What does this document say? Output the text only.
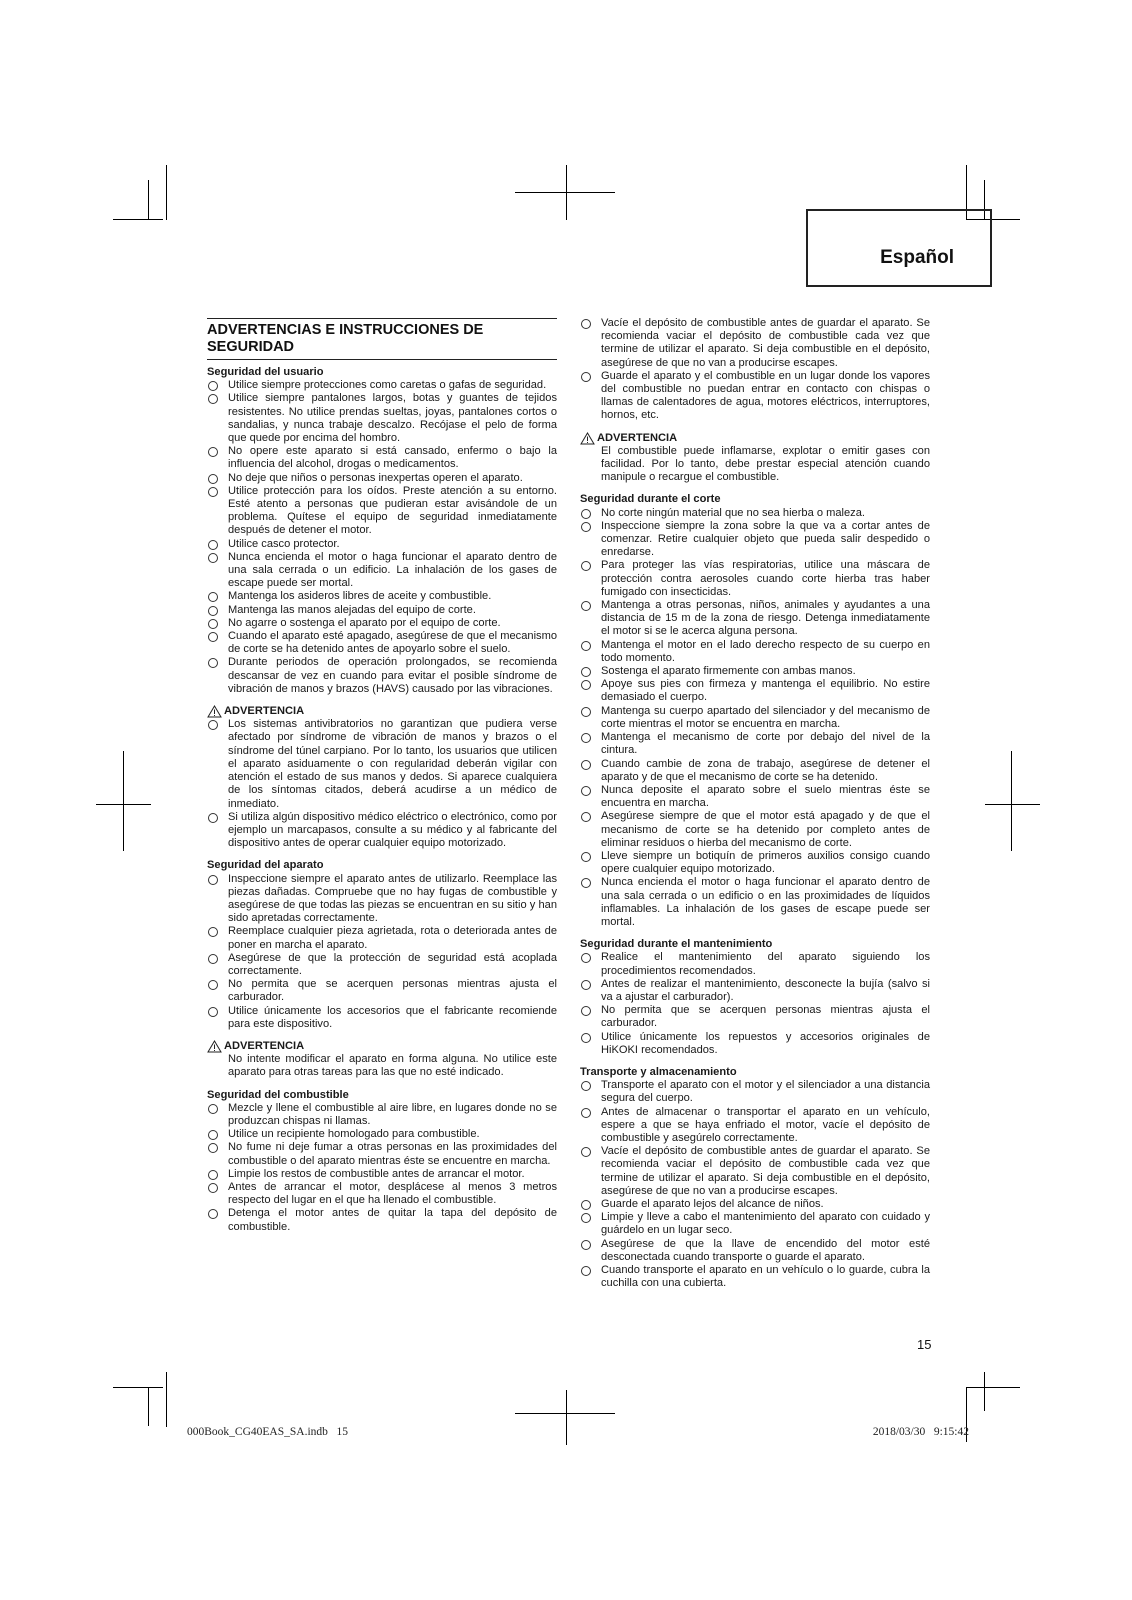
Español
ADVERTENCIAS E INSTRUCCIONES DE SEGURIDAD
Seguridad del usuario
Utilice siempre protecciones como caretas o gafas de seguridad.
Utilice siempre pantalones largos, botas y guantes de tejidos resistentes. No utilice prendas sueltas, joyas, pantalones cortos o sandalias, y nunca trabaje descalzo. Recójase el pelo de forma que quede por encima del hombro.
No opere este aparato si está cansado, enfermo o bajo la influencia del alcohol, drogas o medicamentos.
No deje que niños o personas inexpertas operen el aparato.
Utilice protección para los oídos. Preste atención a su entorno. Esté atento a personas que pudieran estar avisándole de un problema. Quítese el equipo de seguridad inmediatamente después de detener el motor.
Utilice casco protector.
Nunca encienda el motor o haga funcionar el aparato dentro de una sala cerrada o un edificio. La inhalación de los gases de escape puede ser mortal.
Mantenga los asideros libres de aceite y combustible.
Mantenga las manos alejadas del equipo de corte.
No agarre o sostenga el aparato por el equipo de corte.
Cuando el aparato esté apagado, asegúrese de que el mecanismo de corte se ha detenido antes de apoyarlo sobre el suelo.
Durante periodos de operación prolongados, se recomienda descansar de vez en cuando para evitar el posible síndrome de vibración de manos y brazos (HAVS) causado por las vibraciones.
ADVERTENCIA
Los sistemas antivibratorios no garantizan que pudiera verse afectado por síndrome de vibración de manos y brazos o el síndrome del túnel carpiano. Por lo tanto, los usuarios que utilicen el aparato asiduamente o con regularidad deberán vigilar con atención el estado de sus manos y dedos. Si aparece cualquiera de los síntomas citados, deberá acudirse a un médico de inmediato.
Si utiliza algún dispositivo médico eléctrico o electrónico, como por ejemplo un marcapasos, consulte a su médico y al fabricante del dispositivo antes de operar cualquier equipo motorizado.
Seguridad del aparato
Inspeccione siempre el aparato antes de utilizarlo. Reemplace las piezas dañadas. Compruebe que no hay fugas de combustible y asegúrese de que todas las piezas se encuentran en su sitio y han sido apretadas correctamente.
Reemplace cualquier pieza agrietada, rota o deteriorada antes de poner en marcha el aparato.
Asegúrese de que la protección de seguridad está acoplada correctamente.
No permita que se acerquen personas mientras ajusta el carburador.
Utilice únicamente los accesorios que el fabricante recomiende para este dispositivo.
ADVERTENCIA
No intente modificar el aparato en forma alguna. No utilice este aparato para otras tareas para las que no esté indicado.
Seguridad del combustible
Mezcle y llene el combustible al aire libre, en lugares donde no se produzcan chispas ni llamas.
Utilice un recipiente homologado para combustible.
No fume ni deje fumar a otras personas en las proximidades del combustible o del aparato mientras éste se encuentre en marcha.
Limpie los restos de combustible antes de arrancar el motor.
Antes de arrancar el motor, desplácese al menos 3 metros respecto del lugar en el que ha llenado el combustible.
Detenga el motor antes de quitar la tapa del depósito de combustible.
Vacíe el depósito de combustible antes de guardar el aparato. Se recomienda vaciar el depósito de combustible cada vez que termine de utilizar el aparato. Si deja combustible en el depósito, asegúrese de que no van a producirse escapes.
Guarde el aparato y el combustible en un lugar donde los vapores del combustible no puedan entrar en contacto con chispas o llamas de calentadores de agua, motores eléctricos, interruptores, hornos, etc.
ADVERTENCIA
El combustible puede inflamarse, explotar o emitir gases con facilidad. Por lo tanto, debe prestar especial atención cuando manipule o recargue el combustible.
Seguridad durante el corte
No corte ningún material que no sea hierba o maleza.
Inspeccione siempre la zona sobre la que va a cortar antes de comenzar. Retire cualquier objeto que pueda salir despedido o enredarse.
Para proteger las vías respiratorias, utilice una máscara de protección contra aerosoles cuando corte hierba tras haber fumigado con insecticidas.
Mantenga a otras personas, niños, animales y ayudantes a una distancia de 15 m de la zona de riesgo. Detenga inmediatamente el motor si se le acerca alguna persona.
Mantenga el motor en el lado derecho respecto de su cuerpo en todo momento.
Sostenga el aparato firmemente con ambas manos.
Apoye sus pies con firmeza y mantenga el equilibrio. No estire demasiado el cuerpo.
Mantenga su cuerpo apartado del silenciador y del mecanismo de corte mientras el motor se encuentra en marcha.
Mantenga el mecanismo de corte por debajo del nivel de la cintura.
Cuando cambie de zona de trabajo, asegúrese de detener el aparato y de que el mecanismo de corte se ha detenido.
Nunca deposite el aparato sobre el suelo mientras éste se encuentra en marcha.
Asegúrese siempre de que el motor está apagado y de que el mecanismo de corte se ha detenido por completo antes de eliminar residuos o hierba del mecanismo de corte.
Lleve siempre un botiquín de primeros auxilios consigo cuando opere cualquier equipo motorizado.
Nunca encienda el motor o haga funcionar el aparato dentro de una sala cerrada o un edificio o en las proximidades de líquidos inflamables. La inhalación de los gases de escape puede ser mortal.
Seguridad durante el mantenimiento
Realice el mantenimiento del aparato siguiendo los procedimientos recomendados.
Antes de realizar el mantenimiento, desconecte la bujía (salvo si va a ajustar el carburador).
No permita que se acerquen personas mientras ajusta el carburador.
Utilice únicamente los repuestos y accesorios originales de HiKOKI recomendados.
Transporte y almacenamiento
Transporte el aparato con el motor y el silenciador a una distancia segura del cuerpo.
Antes de almacenar o transportar el aparato en un vehículo, espere a que se haya enfriado el motor, vacíe el depósito de combustible y asegúrelo correctamente.
Vacíe el depósito de combustible antes de guardar el aparato. Se recomienda vaciar el depósito de combustible cada vez que termine de utilizar el aparato. Si deja combustible en el depósito, asegúrese de que no van a producirse escapes.
Guarde el aparato lejos del alcance de niños.
Limpie y lleve a cabo el mantenimiento del aparato con cuidado y guárdelo en un lugar seco.
Asegúrese de que la llave de encendido del motor esté desconectada cuando transporte o guarde el aparato.
Cuando transporte el aparato en un vehículo o lo guarde, cubra la cuchilla con una cubierta.
15
000Book_CG40EAS_SA.indb   15	2018/03/30   9:15:42
